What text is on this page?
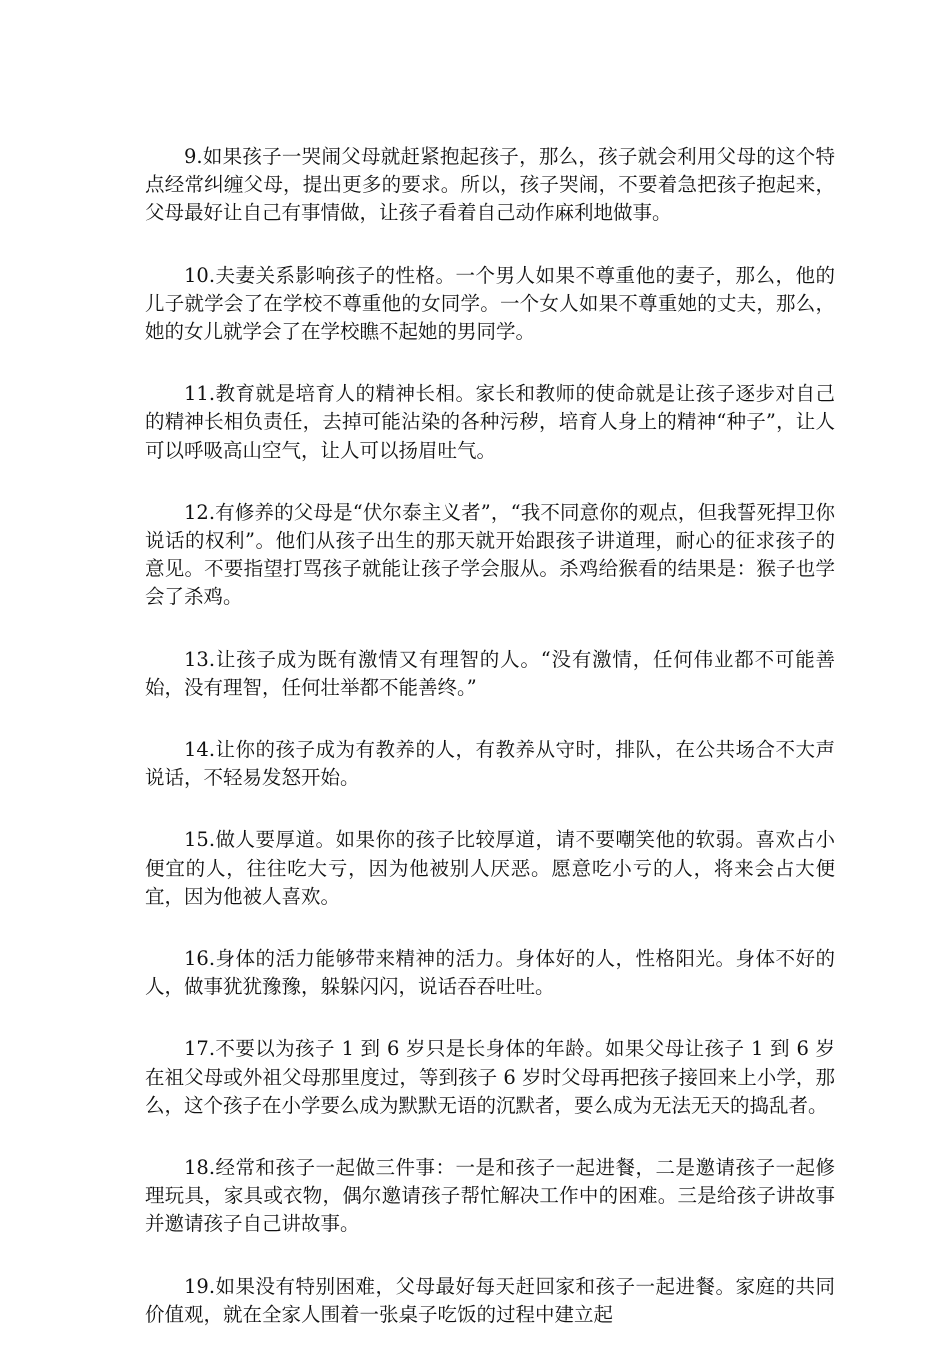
9.如果孩子一哭闹父母就赶紧抱起孩子，那么，孩子就会利用父母的这个特点经常纠缠父母，提出更多的要求。所以，孩子哭闹，不要着急把孩子抱起来，父母最好让自己有事情做，让孩子看着自己动作麻利地做事。

10.夫妻关系影响孩子的性格。一个男人如果不尊重他的妻子，那么，他的儿子就学会了在学校不尊重他的女同学。一个女人如果不尊重她的丈夫，那么，她的女儿就学会了在学校瞧不起她的男同学。

11.教育就是培育人的精神长相。家长和教师的使命就是让孩子逐步对自己的精神长相负责任，去掉可能沾染的各种污秽，培育人身上的精神“种子”，让人可以呼吸高山空气，让人可以扬眉吐气。

12.有修养的父母是“伏尔泰主义者”，“我不同意你的观点，但我誓死捍卫你说话的权利”。他们从孩子出生的那天就开始跟孩子讲道理，耐心的征求孩子的意见。不要指望打骂孩子就能让孩子学会服从。杀鸡给猴看的结果是：猴子也学会了杀鸡。

13.让孩子成为既有激情又有理智的人。“没有激情，任何伟业都不可能善始，没有理智，任何壮举都不能善终。”

14.让你的孩子成为有教养的人，有教养从守时，排队，在公共场合不大声说话，不轻易发怒开始。

15.做人要厚道。如果你的孩子比较厚道，请不要嘲笑他的软弱。喜欢占小便宜的人，往往吃大亏，因为他被别人厌恶。愿意吃小亏的人，将来会占大便宜，因为他被人喜欢。

16.身体的活力能够带来精神的活力。身体好的人，性格阳光。身体不好的人，做事犹犹豫豫，躲躲闪闪，说话吞吞吐吐。

17.不要以为孩子 1 到 6 岁只是长身体的年龄。如果父母让孩子 1 到 6 岁在祖父母或外祖父母那里度过，等到孩子 6 岁时父母再把孩子接回来上小学，那么，这个孩子在小学要么成为默默无语的沉默者，要么成为无法无天的捣乱者。

18.经常和孩子一起做三件事：一是和孩子一起进餐，二是邀请孩子一起修理玩具，家具或衣物，偶尔邀请孩子帮忙解决工作中的困难。三是给孩子讲故事并邀请孩子自己讲故事。

19.如果没有特别困难，父母最好每天赶回家和孩子一起进餐。家庭的共同价值观，就在全家人围着一张桌子吃饭的过程中建立起
